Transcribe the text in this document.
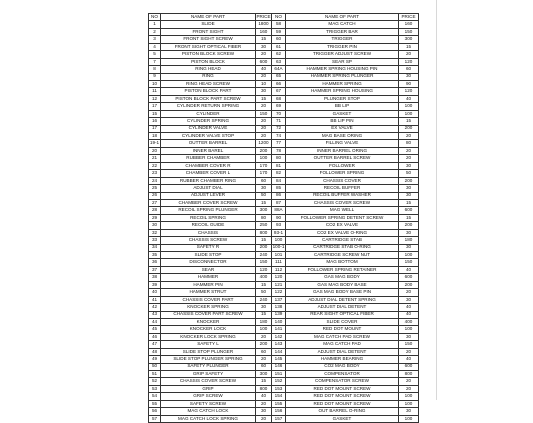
NO	NAME OF PART	PRICE	NO	NAME OF PART	PRICE
1	SLIDE	1800	58	MAG CATCH	160
2	FRONT SIGHT	160	59	TRIGGER BAR	150
3	FRONT SIGHT SCREW	15	60	TRIGGER	300
4	FRONT SIGHT OPTICAL FIBER	30	61	TRIGGER PIN	15
5	PISTON BLOCK SCREW	20	62	TRIGGER ADJUST SCREW	20
7	PISTON BLOCK	600	63	SEAR SP	120
8	RING HEAD	40	64A	HAMMER SPRING HOUSING PIN	60
9	RING	20	65	HAMMER SPRING PLUNGER	30
10	RING HEAD SCREW	10	66	HAMMER SPRING	90
11	PISTON BLOCK PART	30	67	HAMMER SPRING HOUSING	120
12	PISTON BLOCK PART SCREW	15	68	PLUNGER STOP	40
17	CYLINDER RETURN SPRING	20	69	BB LIP	100
15	CYLINDER	150	70	GASKET	100
16	CYLINDER SPRING	20	71	BB LIP PIN	15
17	CYLINDER VALVE	20	72	EX VALVE	200
18	CYLINDER VALVE STOP	20	74	MAG BASE ORING	20
19-1	OUTTER BARREL	1200	77	FILLING VALVE	80
20	INNER BAREL	200	78	INNER BARREL ORING	20
21	RUBBER CHAMBER	100	80	OUTTER BARREL SCREW	20
22	CHAMBER COVER R	170	81	FOLLOWER	30
23	CHAMBER COVER L	170	82	FOLLOWER SPRING	50
24	RUBBER CHAMBER RING	60	84	CHASSIS COVER	200
25	ADJUST DIAL	30	85	RECOIL BUFFER	30
26	ADJUST LEVER	50	86	RECOIL BUFFER WASHER	30
27	CHAMBER COVER SCREW	15	87	CHASSIS COVER SCREW	15
28	RECOIL SPRING PLUNGER	300	88A	MAG WELL	600
29	RECOIL SPRING	80	90	FOLLOWER SPRING DETENT SCREW	15
30	RECOIL GUIDE	250	93	CO2 EX VALVE	200
32	CHASSIS	800	93-1	CO2 EX VALVE O-RING	30
33	CHASSIS SCREW	15	100	CARTRIDGE STAB	180
34	SAFETY R	200	100-1	CARTRIDGE STAB O-RING	30
35	SLIDE STOP	240	101	CARTRIDGE SCREW NUT	100
36	DISCONNECTOR	150	111	MAG BOTTOM	150
37	SEAR	120	112	FOLLOWER SPRING RETAINER	40
38	HAMMER	400	120	GAS MAG BODY	600
39	HAMMER PIN	15	121	GAS MAG BODY BASE	200
40	HAMMER STRUT	50	122	GAS MAG BODY BASE PIN	20
41	CHASSIS COVER PART	240	137	ADJUST DIAL DETENT SPRING	30
42	KNOCKER SPRING	30	138	ADJUST DIAL DETENT	40
43	CHASSIS COVER PART SCREW	15	139	REAR SIGHT OPTICAL FIBER	40
44	KNOCKER	180	140	SLIDE COVER	400
45	KNOCKER LOCK	100	141	RED DOT MOUNT	100
46	KNOCKER LOCK SPRING	20	142	MAG CATCH PAD SCREW	30
47	SAFETY L	200	143	MAG CATCH PAD	150
48	SLIDE STOP PLUNGER	60	144	ADJUST DIAL DETENT	20
49	SLIDE STOP PLUNGER SPRING	20	145	HAMMER BEARING	40
50	SAFETY PLUNGER	60	146	CO2 MAG BODY	600
51	GRIP SAFETY	300	151	COMPENSATOR	800
52	CHASSIS COVER SCREW	15	152	COMPENSATOR SCREW	20
53	GRIP	800	153	RED DOT MOUNT SCREW	20
54	GRIP SCREW	40	154	RED DOT MOUNT SCREW	100
55	SAFETY SCREW	20	155	RED DOT MOUNT SCREW	100
56	MAG CATCH LOCK	30	156	OUT BARREL O-RING	30
57	MAG CATCH LOCK SPRING	20	157	GASKET	100
